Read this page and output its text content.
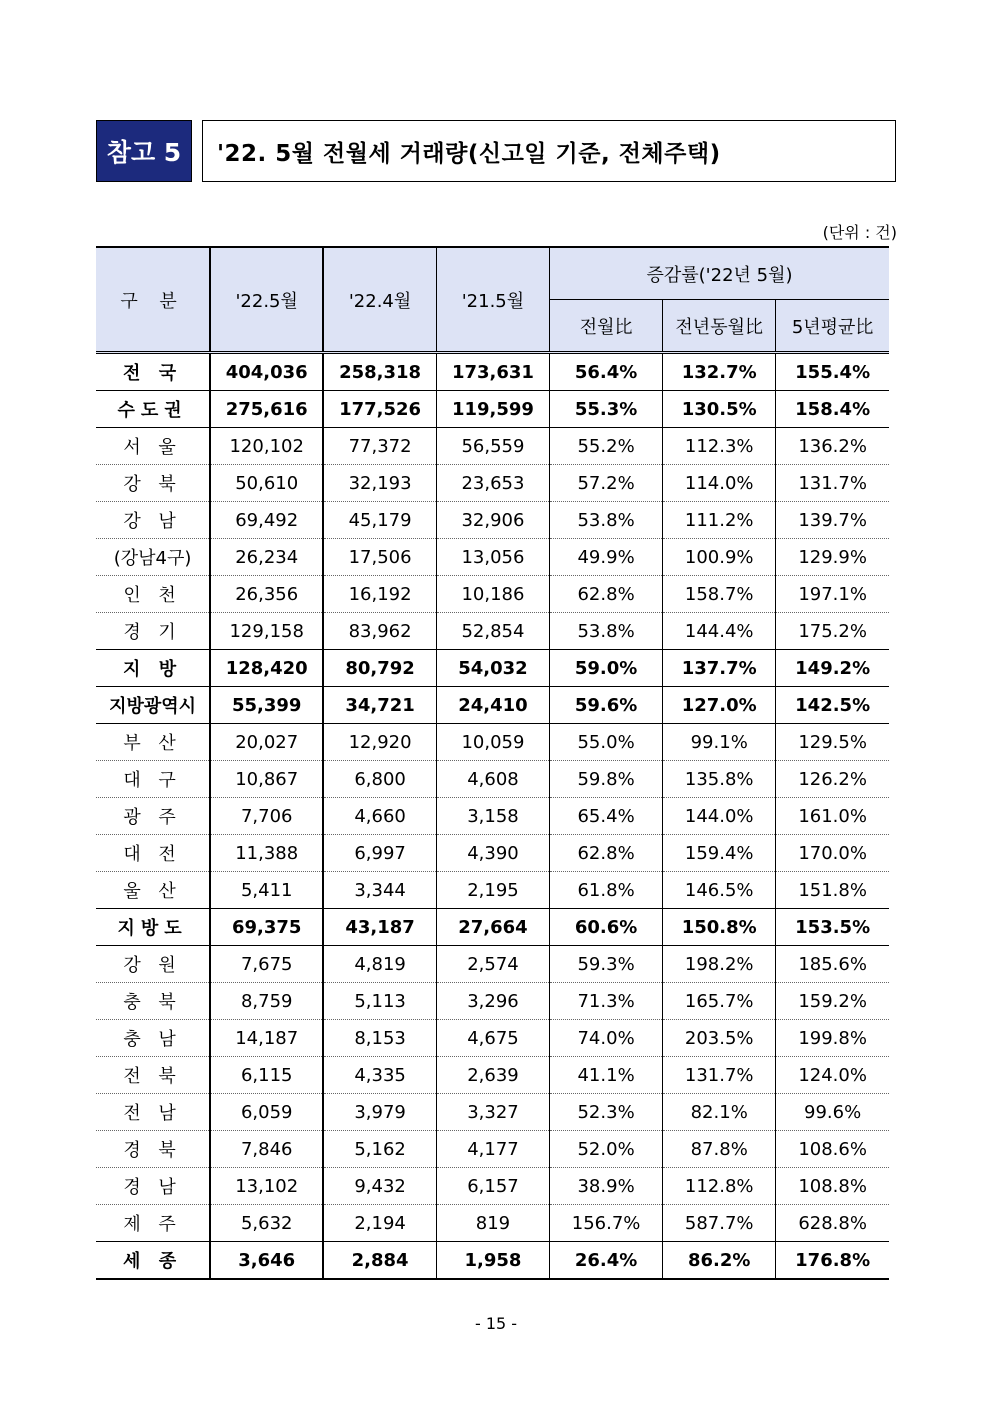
참고 5	'22. 5월 전월세 거래량(신고일 기준, 전체주택)
(단위 : 건)
구 분	'22.5월	'22.4월	'21.5월	증감률('22년 5월)		
				전월比	전년동월比	5년평균比
전 국	404,036	258,318	173,631	56.4%	132.7%	155.4%
수도권	275,616	177,526	119,599	55.3%	130.5%	158.4%
서 울	120,102	77,372	56,559	55.2%	112.3%	136.2%
강 북	50,610	32,193	23,653	57.2%	114.0%	131.7%
강 남	69,492	45,179	32,906	53.8%	111.2%	139.7%
(강남4구)	26,234	17,506	13,056	49.9%	100.9%	129.9%
인 천	26,356	16,192	10,186	62.8%	158.7%	197.1%
경 기	129,158	83,962	52,854	53.8%	144.4%	175.2%
지 방	128,420	80,792	54,032	59.0%	137.7%	149.2%
지방광역시	55,399	34,721	24,410	59.6%	127.0%	142.5%
부 산	20,027	12,920	10,059	55.0%	99.1%	129.5%
대 구	10,867	6,800	4,608	59.8%	135.8%	126.2%
광 주	7,706	4,660	3,158	65.4%	144.0%	161.0%
대 전	11,388	6,997	4,390	62.8%	159.4%	170.0%
울 산	5,411	3,344	2,195	61.8%	146.5%	151.8%
지방도	69,375	43,187	27,664	60.6%	150.8%	153.5%
강 원	7,675	4,819	2,574	59.3%	198.2%	185.6%
충 북	8,759	5,113	3,296	71.3%	165.7%	159.2%
충 남	14,187	8,153	4,675	74.0%	203.5%	199.8%
전 북	6,115	4,335	2,639	41.1%	131.7%	124.0%
전 남	6,059	3,979	3,327	52.3%	82.1%	99.6%
경 북	7,846	5,162	4,177	52.0%	87.8%	108.6%
경 남	13,102	9,432	6,157	38.9%	112.8%	108.8%
제 주	5,632	2,194	819	156.7%	587.7%	628.8%
세 종	3,646	2,884	1,958	26.4%	86.2%	176.8%
- 15 -
